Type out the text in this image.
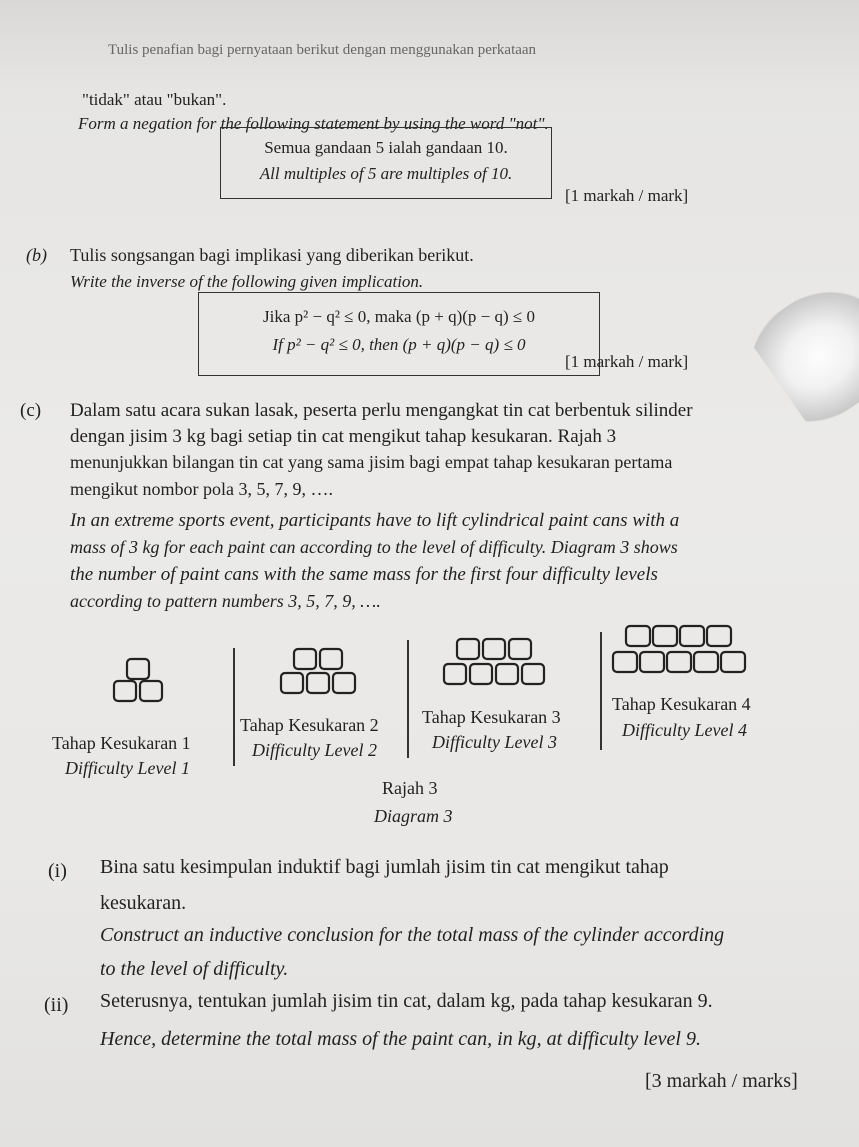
Tulis penafian bagi pernyataan berikut dengan menggunakan perkataan
"tidak" atau "bukan".
Form a negation for the following statement by using the word "not".
Semua gandaan 5 ialah gandaan 10.
All multiples of 5 are multiples of 10.
[1 markah / mark]
(b) Tulis songsangan bagi implikasi yang diberikan berikut.
Write the inverse of the following given implication.
Jika p² − q² ≤ 0, maka (p + q)(p − q) ≤ 0
If p² − q² ≤ 0, then (p + q)(p − q) ≤ 0
[1 markah / mark]
(c) Dalam satu acara sukan lasak, peserta perlu mengangkat tin cat berbentuk silinder
dengan jisim 3 kg bagi setiap tin cat mengikut tahap kesukaran. Rajah 3
menunjukkan bilangan tin cat yang sama jisim bagi empat tahap kesukaran pertama
mengikut nombor pola 3, 5, 7, 9, ….
In an extreme sports event, participants have to lift cylindrical paint cans with a
mass of 3 kg for each paint can according to the level of difficulty. Diagram 3 shows
the number of paint cans with the same mass for the first four difficulty levels
according to pattern numbers 3, 5, 7, 9, ….
Tahap Kesukaran 1
Difficulty Level 1
Tahap Kesukaran 2
Difficulty Level 2
Tahap Kesukaran 3
Difficulty Level 3
Tahap Kesukaran 4
Difficulty Level 4
Rajah 3
Diagram 3
(i) Bina satu kesimpulan induktif bagi jumlah jisim tin cat mengikut tahap
kesukaran.
Construct an inductive conclusion for the total mass of the cylinder according
to the level of difficulty.
(ii) Seterusnya, tentukan jumlah jisim tin cat, dalam kg, pada tahap kesukaran 9.
Hence, determine the total mass of the paint can, in kg, at difficulty level 9.
[3 markah / marks]
